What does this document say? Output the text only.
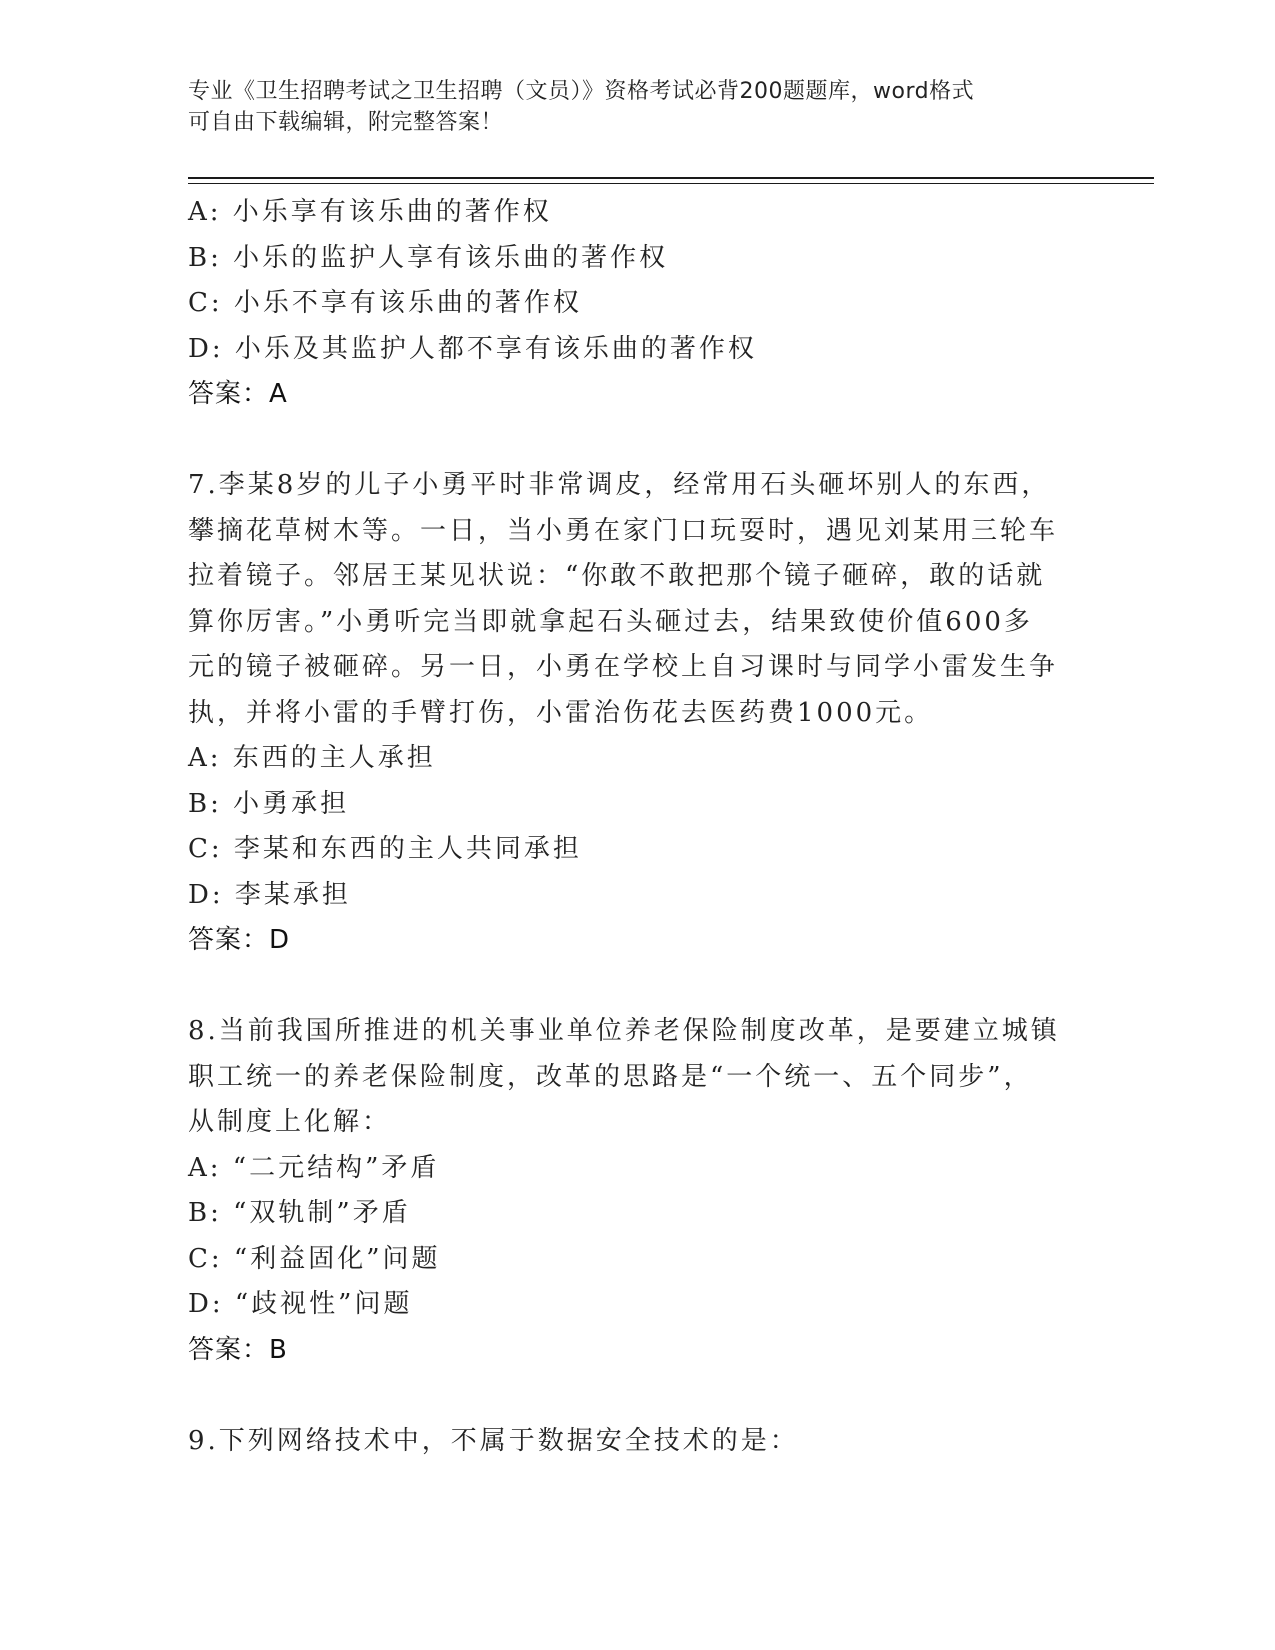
专业《卫生招聘考试之卫生招聘（文员）》资格考试必背200题题库，word格式
可自由下载编辑，附完整答案！
A: 小乐享有该乐曲的著作权
B: 小乐的监护人享有该乐曲的著作权
C: 小乐不享有该乐曲的著作权
D: 小乐及其监护人都不享有该乐曲的著作权
答案：A
7.李某8岁的儿子小勇平时非常调皮，经常用石头砸坏别人的东西，
攀摘花草树木等。一日，当小勇在家门口玩耍时，遇见刘某用三轮车
拉着镜子。邻居王某见状说：“你敢不敢把那个镜子砸碎，敢的话就
算你厉害。”小勇听完当即就拿起石头砸过去，结果致使价值600多
元的镜子被砸碎。另一日，小勇在学校上自习课时与同学小雷发生争
执，并将小雷的手臂打伤，小雷治伤花去医药费1000元。
A: 东西的主人承担
B: 小勇承担
C: 李某和东西的主人共同承担
D: 李某承担
答案：D
8.当前我国所推进的机关事业单位养老保险制度改革，是要建立城镇
职工统一的养老保险制度，改革的思路是“一个统一、五个同步”，
从制度上化解：
A: “二元结构”矛盾
B: “双轨制”矛盾
C: “利益固化”问题
D: “歧视性”问题
答案：B
9.下列网络技术中，不属于数据安全技术的是：
